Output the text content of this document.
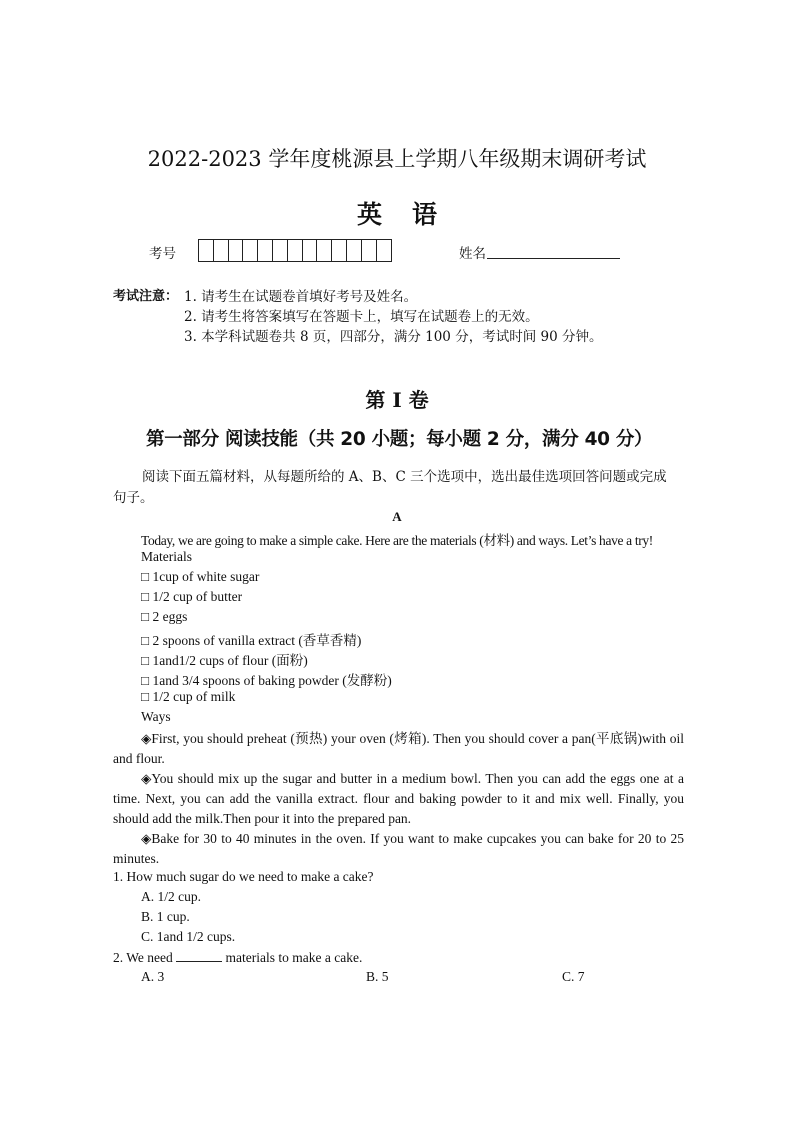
2022-2023 学年度桃源县上学期八年级期末调研考试
英语
考号	姓名
考试注意： 1. 请考生在试题卷首填好考号及姓名。
2. 请考生将答案填写在答题卡上，填写在试题卷上的无效。
3. 本学科试题卷共 8 页，四部分，满分 100 分，考试时间 90 分钟。
第 I 卷
第一部分 阅读技能（共 20 小题；每小题 2 分，满分 40 分）
阅读下面五篇材料，从每题所给的 A、B、C 三个选项中，选出最佳选项回答问题或完成
句子。
A
Today, we are going to make a simple cake. Here are the materials (材料) and ways. Let’s have a try!
Materials
□ 1cup of white sugar
□ 1/2 cup of butter
□ 2 eggs
□ 2 spoons of vanilla extract (香草香精)
□ 1and1/2 cups of flour (面粉)
□ 1and 3/4 spoons of baking powder (发酵粉)
□ 1/2 cup of milk
Ways
◈First, you should preheat (预热) your oven (烤箱). Then you should cover a pan(平底锅)with oil and flour.
◈You should mix up the sugar and butter in a medium bowl. Then you can add the eggs one at a time. Next, you can add the vanilla extract. flour and baking powder to it and mix well. Finally, you should add the milk.Then pour it into the prepared pan.
◈Bake for 30 to 40 minutes in the oven. If you want to make cupcakes you can bake for 20 to 25 minutes.
1. How much sugar do we need to make a cake?
A. 1/2 cup.
B. 1 cup.
C. 1and 1/2 cups.
2. We need	materials to make a cake.
A. 3	B. 5	C. 7
